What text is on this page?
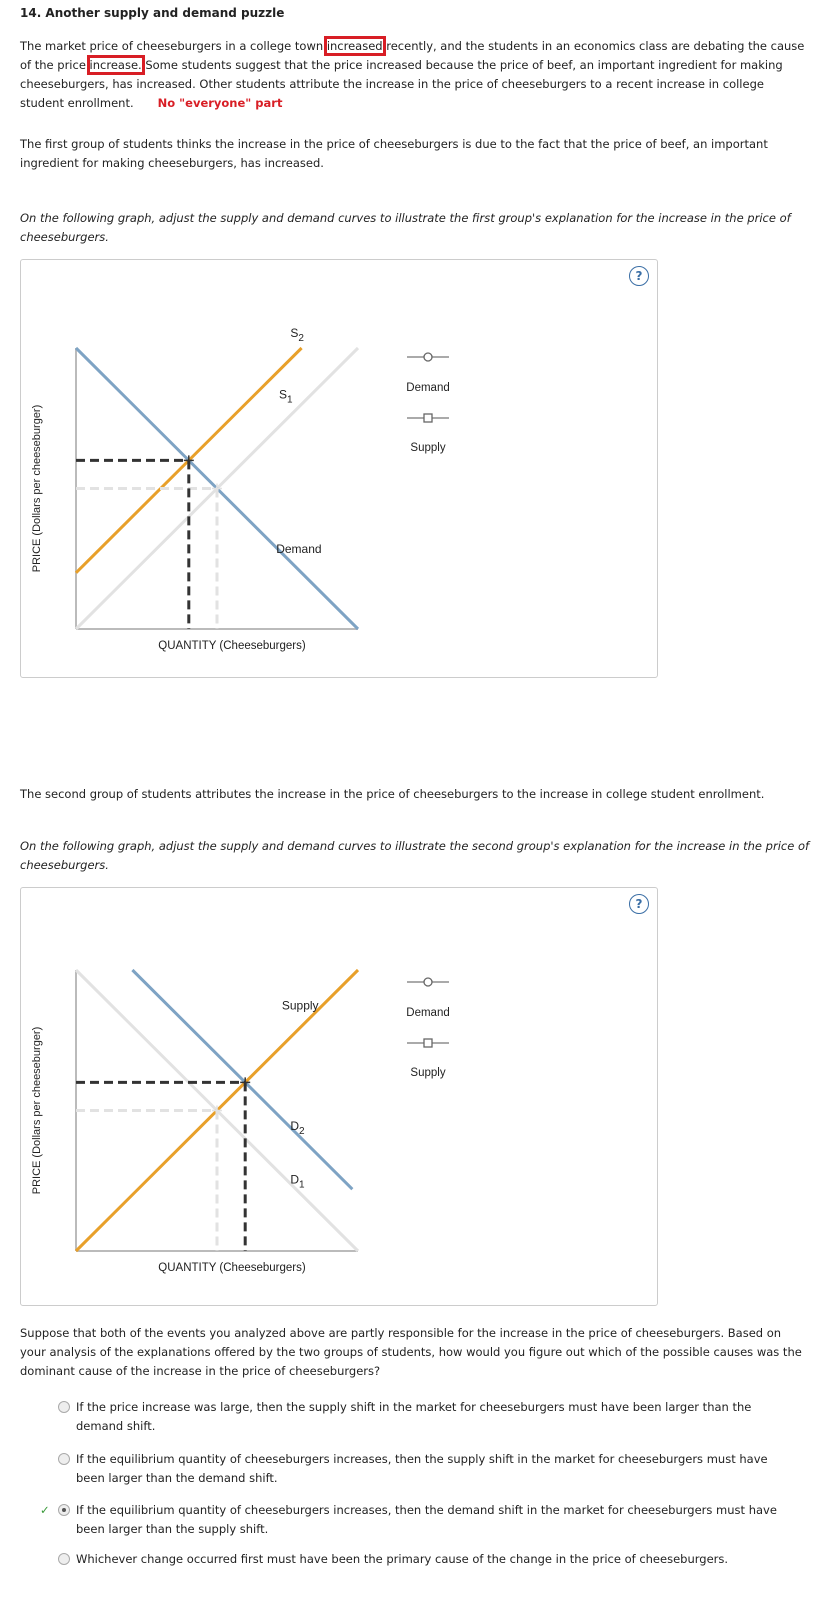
14. Another supply and demand puzzle
The market price of cheeseburgers in a college town increased recently, and the students in an economics class are debating the cause of the price increase. Some students suggest that the price increased because the price of beef, an important ingredient for making cheeseburgers, has increased. Other students attribute the increase in the price of cheeseburgers to a recent increase in college student enrollment. No "everyone" part
The first group of students thinks the increase in the price of cheeseburgers is due to the fact that the price of beef, an important ingredient for making cheeseburgers, has increased.
On the following graph, adjust the supply and demand curves to illustrate the first group's explanation for the increase in the price of cheeseburgers.
?
$S_1$
$S_2$
Demand
QUANTITY (Cheeseburgers)
PRICE (Dollars per cheeseburger)
Demand
Supply
The second group of students attributes the increase in the price of cheeseburgers to the increase in college student enrollment.
On the following graph, adjust the supply and demand curves to illustrate the second group's explanation for the increase in the price of cheeseburgers.
?
$D_1$
$D_2$
Supply
QUANTITY (Cheeseburgers)
PRICE (Dollars per cheeseburger)
Demand
Supply
Suppose that both of the events you analyzed above are partly responsible for the increase in the price of cheeseburgers. Based on your analysis of the explanations offered by the two groups of students, how would you figure out which of the possible causes was the dominant cause of the increase in the price of cheeseburgers?
If the price increase was large, then the supply shift in the market for cheeseburgers must have been larger than the demand shift.
If the equilibrium quantity of cheeseburgers increases, then the supply shift in the market for cheeseburgers must have been larger than the demand shift.
✓ If the equilibrium quantity of cheeseburgers increases, then the demand shift in the market for cheeseburgers must have been larger than the supply shift.
Whichever change occurred first must have been the primary cause of the change in the price of cheeseburgers.
